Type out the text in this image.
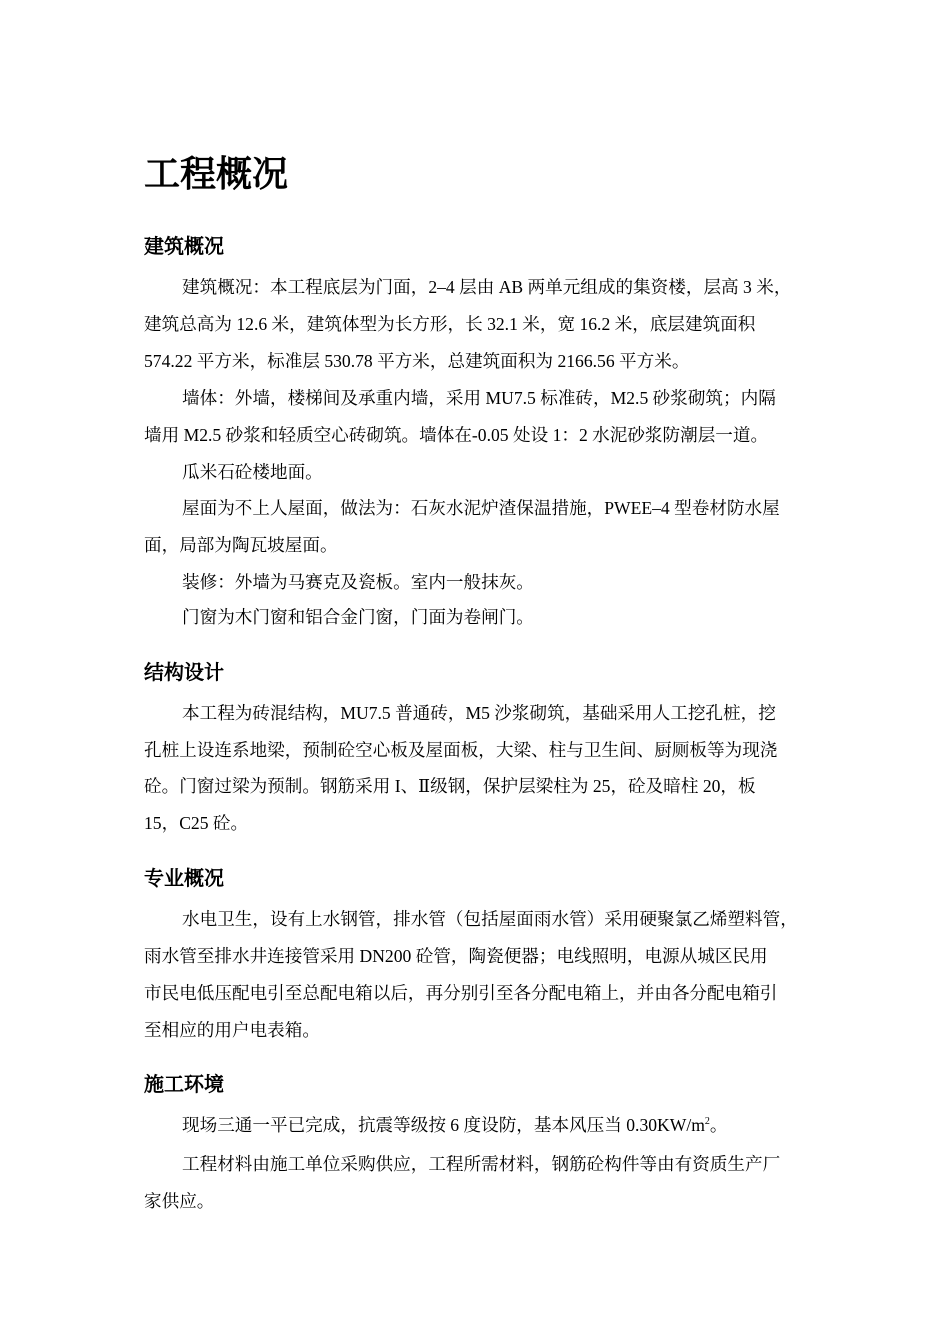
工程概况
建筑概况
建筑概况：本工程底层为门面，2–4 层由 AB 两单元组成的集资楼，层高 3 米，
建筑总高为 12.6 米，建筑体型为长方形，长 32.1 米，宽 16.2 米，底层建筑面积
574.22 平方米，标准层 530.78 平方米，总建筑面积为 2166.56 平方米。
墙体：外墙，楼梯间及承重内墙，采用 MU7.5 标准砖，M2.5 砂浆砌筑；内隔
墙用 M2.5 砂浆和轻质空心砖砌筑。墙体在-0.05 处设 1：2 水泥砂浆防潮层一道。
瓜米石砼楼地面。
屋面为不上人屋面，做法为：石灰水泥炉渣保温措施，PWEE–4 型卷材防水屋
面，局部为陶瓦坡屋面。
装修：外墙为马赛克及瓷板。室内一般抹灰。
门窗为木门窗和铝合金门窗，门面为卷闸门。
结构设计
本工程为砖混结构，MU7.5 普通砖，M5 沙浆砌筑，基础采用人工挖孔桩，挖
孔桩上设连系地梁，预制砼空心板及屋面板，大梁、柱与卫生间、厨厕板等为现浇
砼。门窗过梁为预制。钢筋采用 I、Ⅱ级钢，保护层梁柱为 25，砼及暗柱 20，板
15，C25 砼。
专业概况
水电卫生，设有上水钢管，排水管（包括屋面雨水管）采用硬聚氯乙烯塑料管，
雨水管至排水井连接管采用 DN200 砼管，陶瓷便器；电线照明，电源从城区民用
市民电低压配电引至总配电箱以后，再分别引至各分配电箱上，并由各分配电箱引
至相应的用户电表箱。
施工环境
现场三通一平已完成，抗震等级按 6 度设防，基本风压当 $0.30KW/m^2$。
工程材料由施工单位采购供应，工程所需材料，钢筋砼构件等由有资质生产厂
家供应。
